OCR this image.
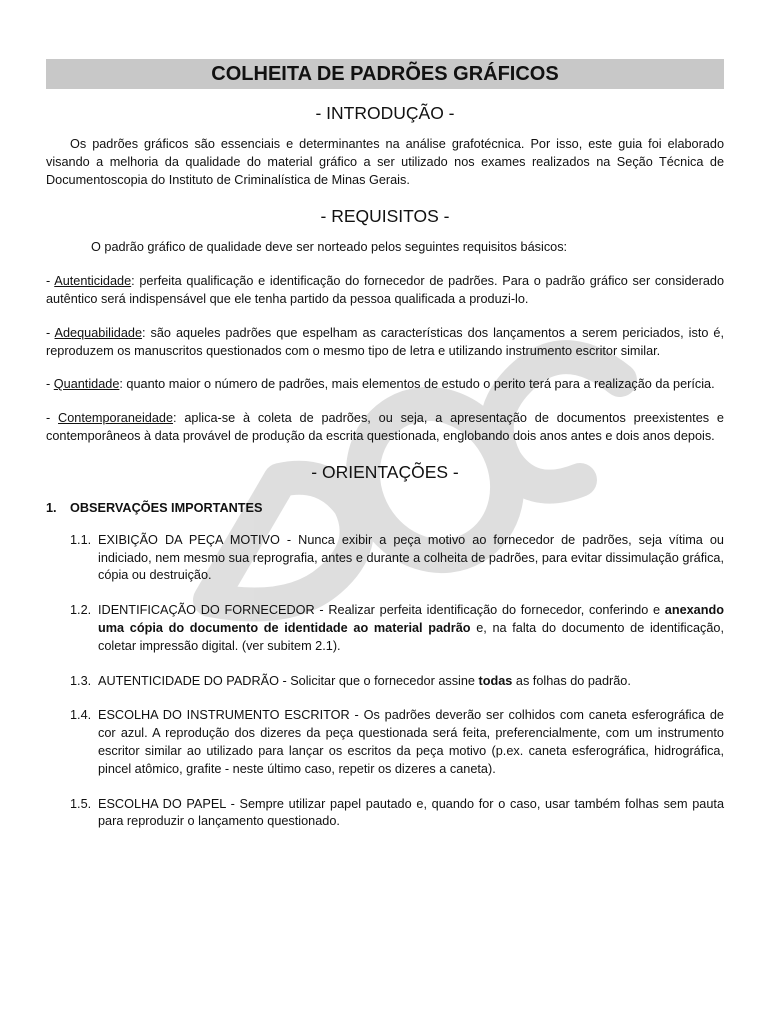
COLHEITA DE PADRÕES GRÁFICOS
- INTRODUÇÃO -

Os padrões gráficos são essenciais e determinantes na análise grafotécnica. Por isso, este guia foi elaborado visando a melhoria da qualidade do material gráfico a ser utilizado nos exames realizados na Seção Técnica de Documentoscopia do Instituto de Criminalística de Minas Gerais.

- REQUISITOS -

O padrão gráfico de qualidade deve ser norteado pelos seguintes requisitos básicos:

- Autenticidade: perfeita qualificação e identificação do fornecedor de padrões. Para o padrão gráfico ser considerado autêntico será indispensável que ele tenha partido da pessoa qualificada a produzi-lo.

- Adequabilidade: são aqueles padrões que espelham as características dos lançamentos a serem periciados, isto é, reproduzem os manuscritos questionados com o mesmo tipo de letra e utilizando instrumento escritor similar.

- Quantidade: quanto maior o número de padrões, mais elementos de estudo o perito terá para a realização da perícia.

- Contemporaneidade: aplica-se à coleta de padrões, ou seja, a apresentação de documentos preexistentes e contemporâneos à data provável de produção da escrita questionada, englobando dois anos antes e dois anos depois.

- ORIENTAÇÕES -
1. OBSERVAÇÕES IMPORTANTES
1.1. EXIBIÇÃO DA PEÇA MOTIVO - Nunca exibir a peça motivo ao fornecedor de padrões, seja vítima ou indiciado, nem mesmo sua reprografia, antes e durante a colheita de padrões, para evitar dissimulação gráfica, cópia ou destruição.
1.2. IDENTIFICAÇÃO DO FORNECEDOR - Realizar perfeita identificação do fornecedor, conferindo e anexando uma cópia do documento de identidade ao material padrão e, na falta do documento de identificação, coletar impressão digital. (ver subitem 2.1).
1.3. AUTENTICIDADE DO PADRÃO - Solicitar que o fornecedor assine todas as folhas do padrão.
1.4. ESCOLHA DO INSTRUMENTO ESCRITOR - Os padrões deverão ser colhidos com caneta esferográfica de cor azul. A reprodução dos dizeres da peça questionada será feita, preferencialmente, com um instrumento escritor similar ao utilizado para lançar os escritos da peça motivo (p.ex. caneta esferográfica, hidrográfica, pincel atômico, grafite - neste último caso, repetir os dizeres a caneta).
1.5. ESCOLHA DO PAPEL - Sempre utilizar papel pautado e, quando for o caso, usar também folhas sem pauta para reproduzir o lançamento questionado.
